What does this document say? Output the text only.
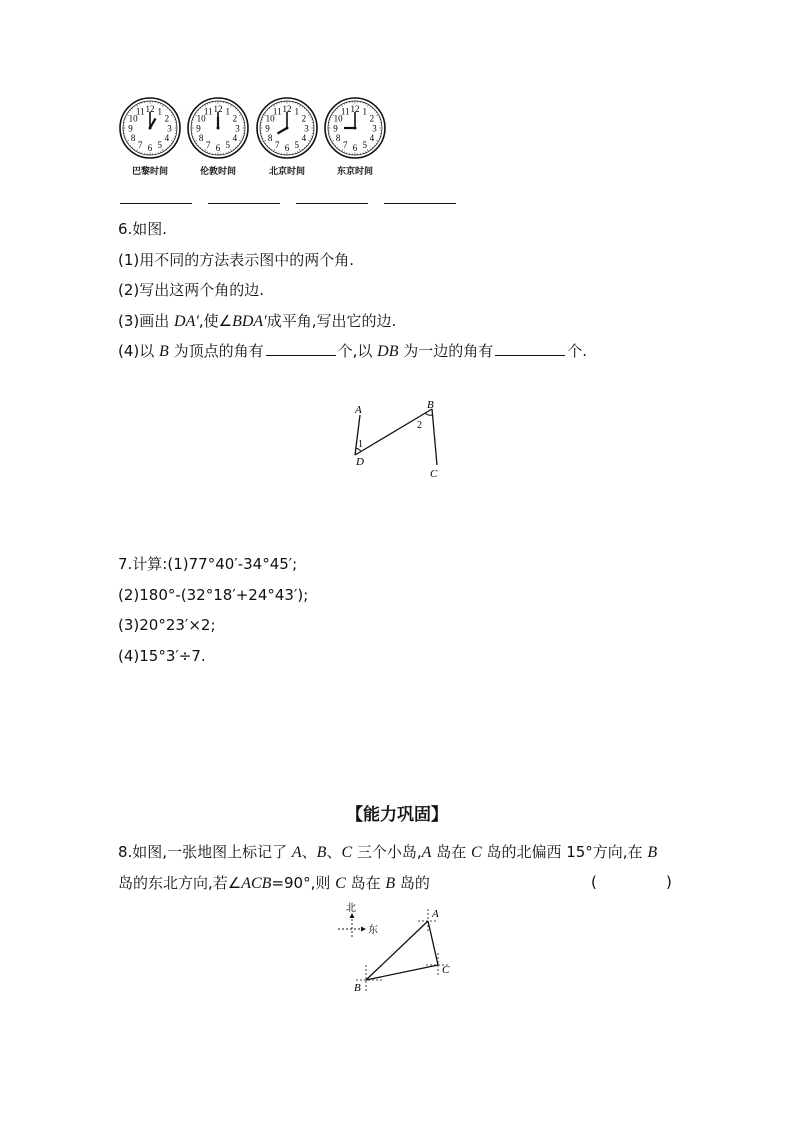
1
2
3
4
5
6
7
8
9
10
11 12	1
2
3
4
5
6
7
8
9
10
11 12	1
2
3
4
5
6
7
8
9
10
11 12	1
2
3
4
5
6
7
8
9
10
11 12
巴黎时间	伦敦时间	北京时间	东京时间
6.如图.
(1)用不同的方法表示图中的两个角.
(2)写出这两个角的边.
(3)画出 DA′,使∠BDA′成平角,写出它的边.
(4)以 B 为顶点的角有	个,以 DB 为一边的角有	个.
A	B
C
D
1
2
7.计算:(1)77°40′-34°45′;
(2)180°-(32°18′+24°43′);
(3)20°23′×2;
(4)15°3′÷7.
【能力巩固】
8.如图,一张地图上标记了 A、B、C 三个小岛,A 岛在 C 岛的北偏西 15°方向,在 B
岛的东北方向,若∠ACB=90°,则 C 岛在 B 岛的	(	)
北
东
A
B
C
